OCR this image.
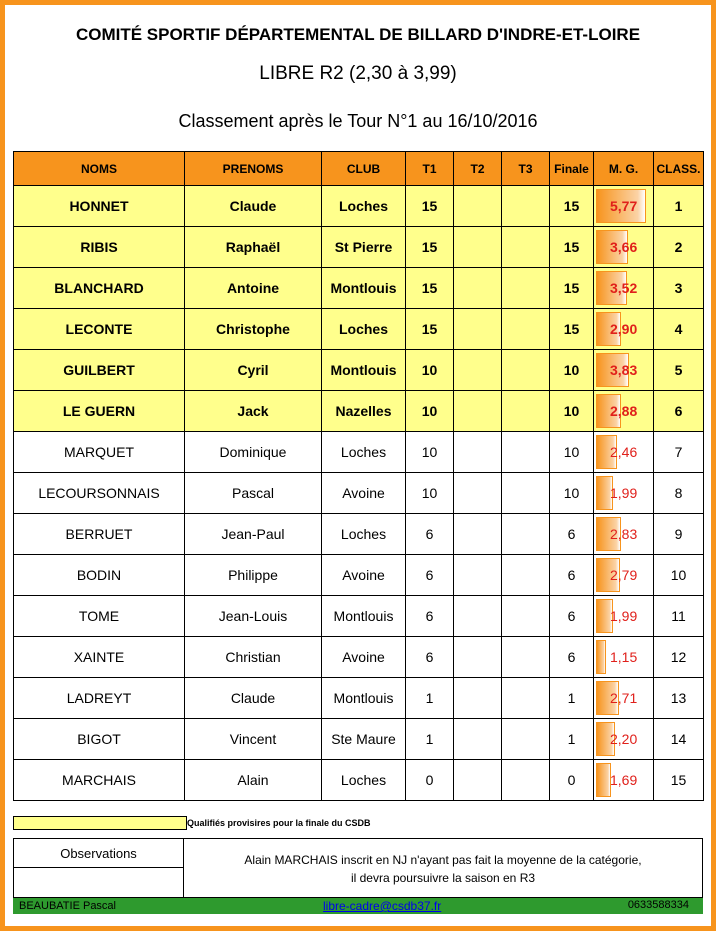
COMITÉ SPORTIF DÉPARTEMENTAL DE BILLARD D'INDRE-ET-LOIRE
LIBRE R2 (2,30 à 3,99)
Classement après le Tour N°1 au 16/10/2016
NOMS	PRENOMS	CLUB	T1	T2	T3	Finale	M. G.	CLASS.
HONNET	Claude	Loches	15			15	5,77	1
RIBIS	Raphaël	St Pierre	15			15	3,66	2
BLANCHARD	Antoine	Montlouis	15			15	3,52	3
LECONTE	Christophe	Loches	15			15	2,90	4
GUILBERT	Cyril	Montlouis	10			10	3,83	5
LE GUERN	Jack	Nazelles	10			10	2,88	6
MARQUET	Dominique	Loches	10			10	2,46	7
LECOURSONNAIS	Pascal	Avoine	10			10	1,99	8
BERRUET	Jean-Paul	Loches	6			6	2,83	9
BODIN	Philippe	Avoine	6			6	2,79	10
TOME	Jean-Louis	Montlouis	6			6	1,99	11
XAINTE	Christian	Avoine	6			6	1,15	12
LADREYT	Claude	Montlouis	1			1	2,71	13
BIGOT	Vincent	Ste Maure	1			1	2,20	14
MARCHAIS	Alain	Loches	0			0	1,69	15
Qualifiés provisires pour la finale du CSDB
Observations	Alain MARCHAIS inscrit en NJ n'ayant pas fait la moyenne de la catégorie,
il devra poursuivre la saison en R3
BEAUBATIE Pascal	libre-cadre@csdb37.fr	0633588334
